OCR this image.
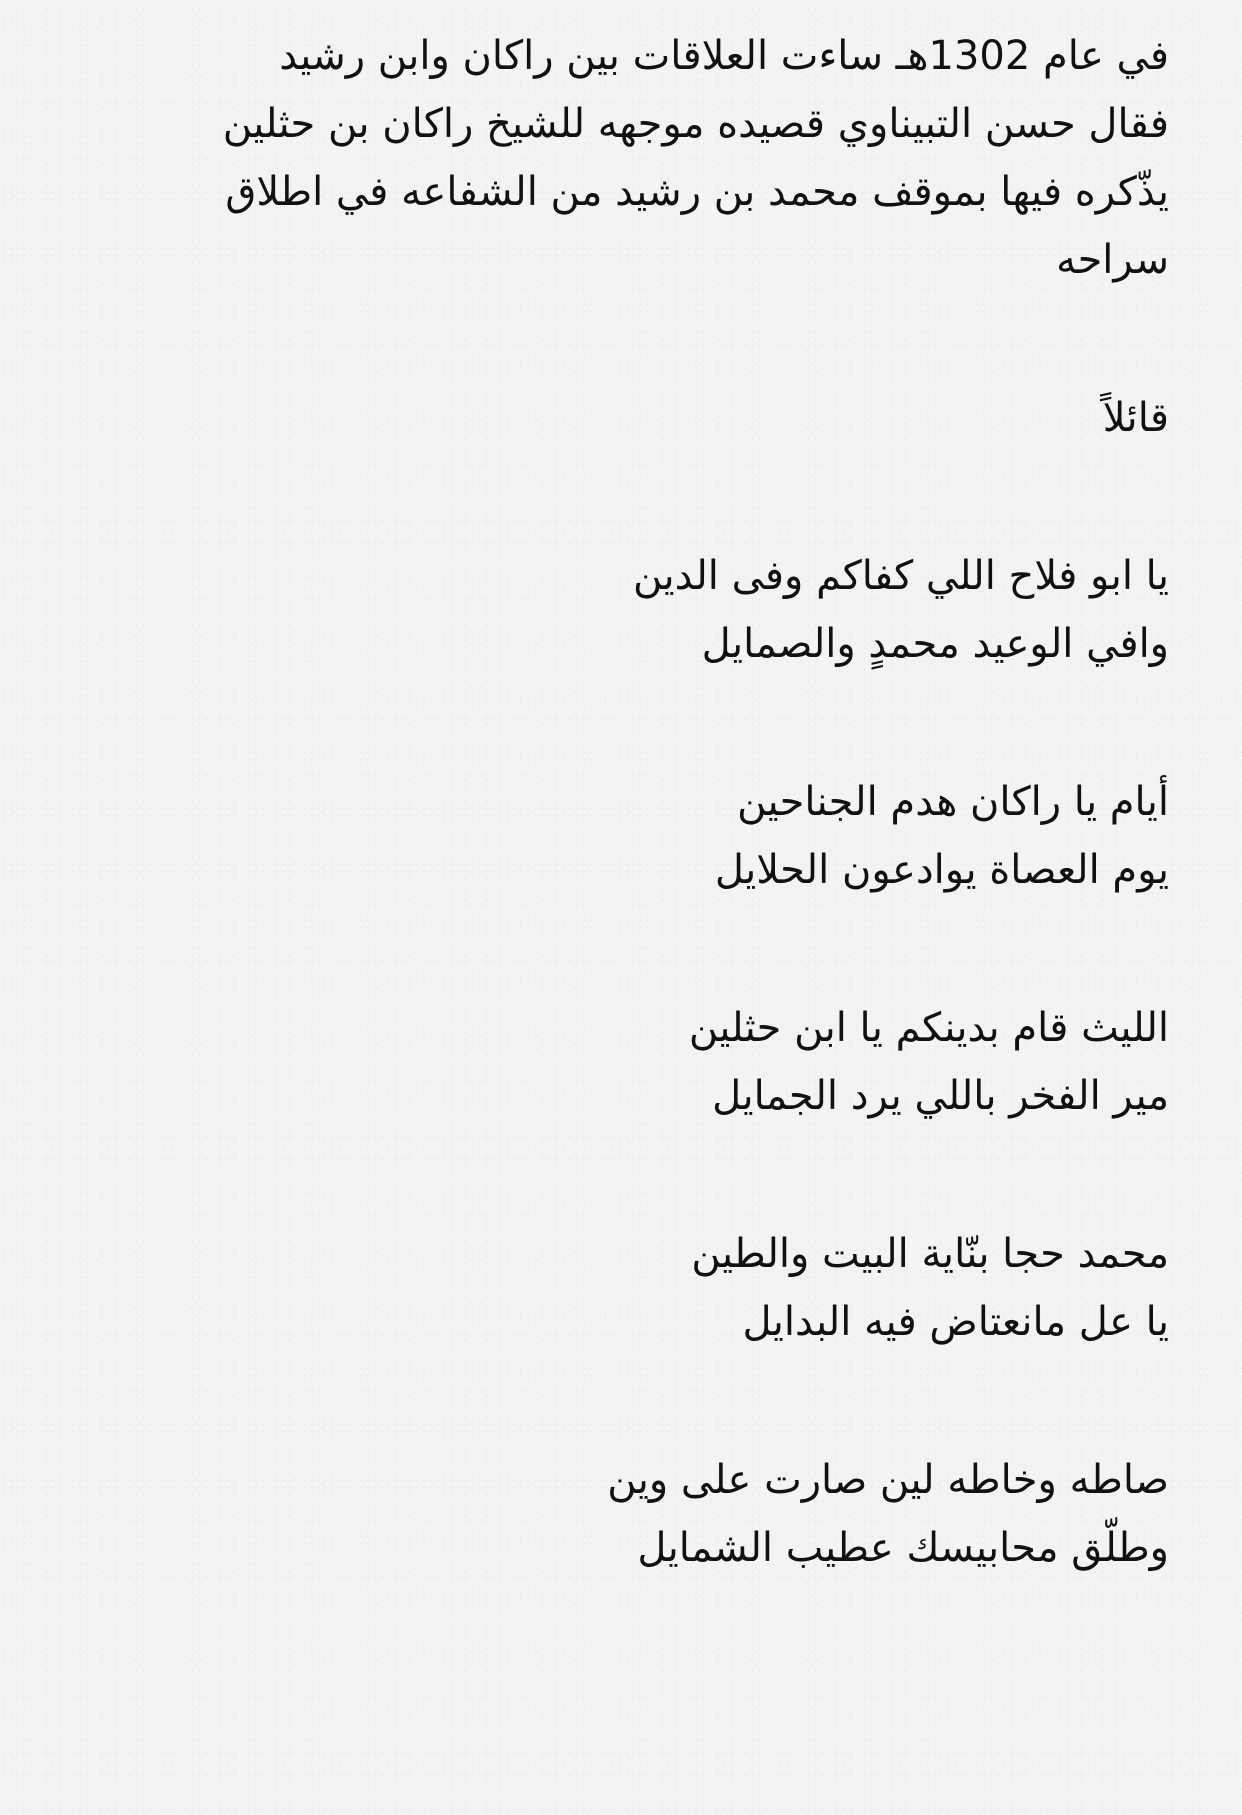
في عام 1302هـ ساءت العلاقات بين راكان وابن رشيد
فقال حسن التبيناوي قصيده موجهه للشيخ راكان بن حثلين
يذّكره فيها بموقف محمد بن رشيد من الشفاعه في اطلاق
سراحه
قائلاً
يا ابو فلاح اللي كفاكم وفى الدين
وافي الوعيد محمدٍ والصمايل
أيام يا راكان هدم الجناحين
يوم العصاة يوادعون الحلايل
الليث قام بدينكم يا ابن حثلين
مير الفخر باللي يرد الجمايل
محمد حجا بنّاية البيت والطين
يا عل مانعتاض فيه البدايل
صاطه وخاطه لين صارت على وين
وطلّق محابيسك عطيب الشمايل
